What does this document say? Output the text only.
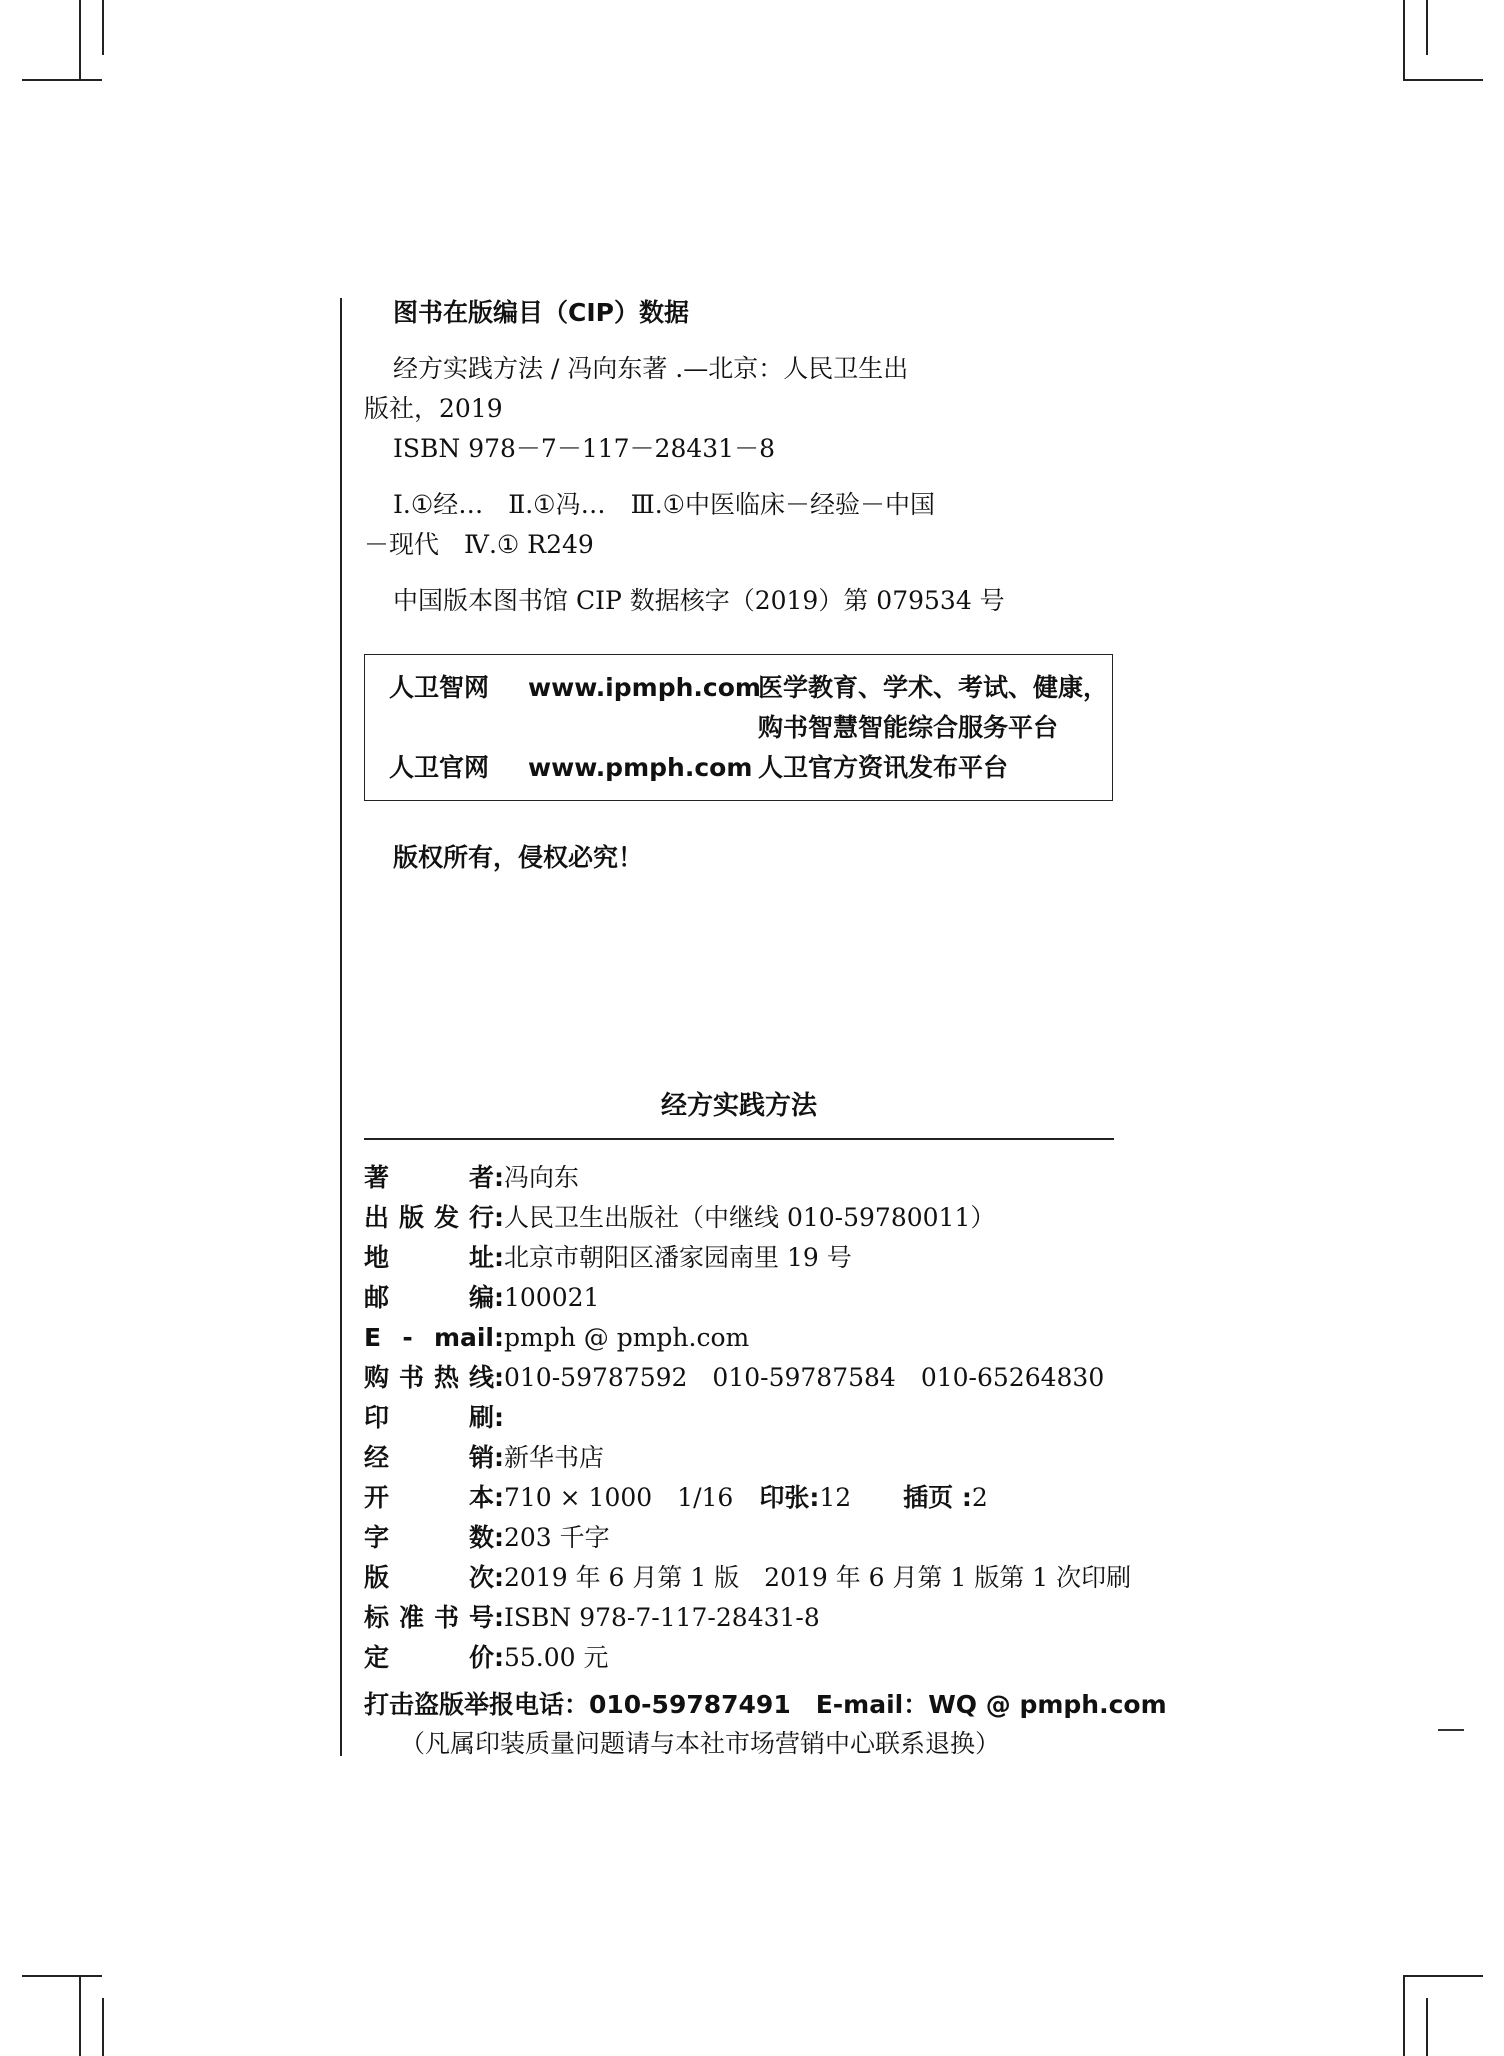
图书在版编目（CIP）数据
经方实践方法 / 冯向东著 .—北京：人民卫生出
版社，2019
ISBN 978－7－117－28431－8
Ⅰ.①经…　Ⅱ.①冯…　Ⅲ.①中医临床－经验－中国
－现代　Ⅳ.① R249
中国版本图书馆 CIP 数据核字（2019）第 079534 号
人卫智网 www.ipmph.com
医学教育、学术、考试、健康，
购书智慧智能综合服务平台
人卫官网 www.pmph.com 人卫官方资讯发布平台
版权所有，侵权必究！
经方实践方法
著者:冯向东
出版发行:人民卫生出版社（中继线 010-59780011）
地址:北京市朝阳区潘家园南里 19 号
邮编:100021
E - mail:pmph @ pmph.com
购书热线:010-59787592　010-59787584　010-65264830
印刷:
经销:新华书店
开本:710 × 1000　1/16 印张:12 插页 :2
字数:203 千字
版次:2019 年 6 月第 1 版　2019 年 6 月第 1 版第 1 次印刷
标准书号:ISBN 978-7-117-28431-8
定价:55.00 元
打击盗版举报电话：010-59787491　E-mail：WQ @ pmph.com
（凡属印装质量问题请与本社市场营销中心联系退换）
